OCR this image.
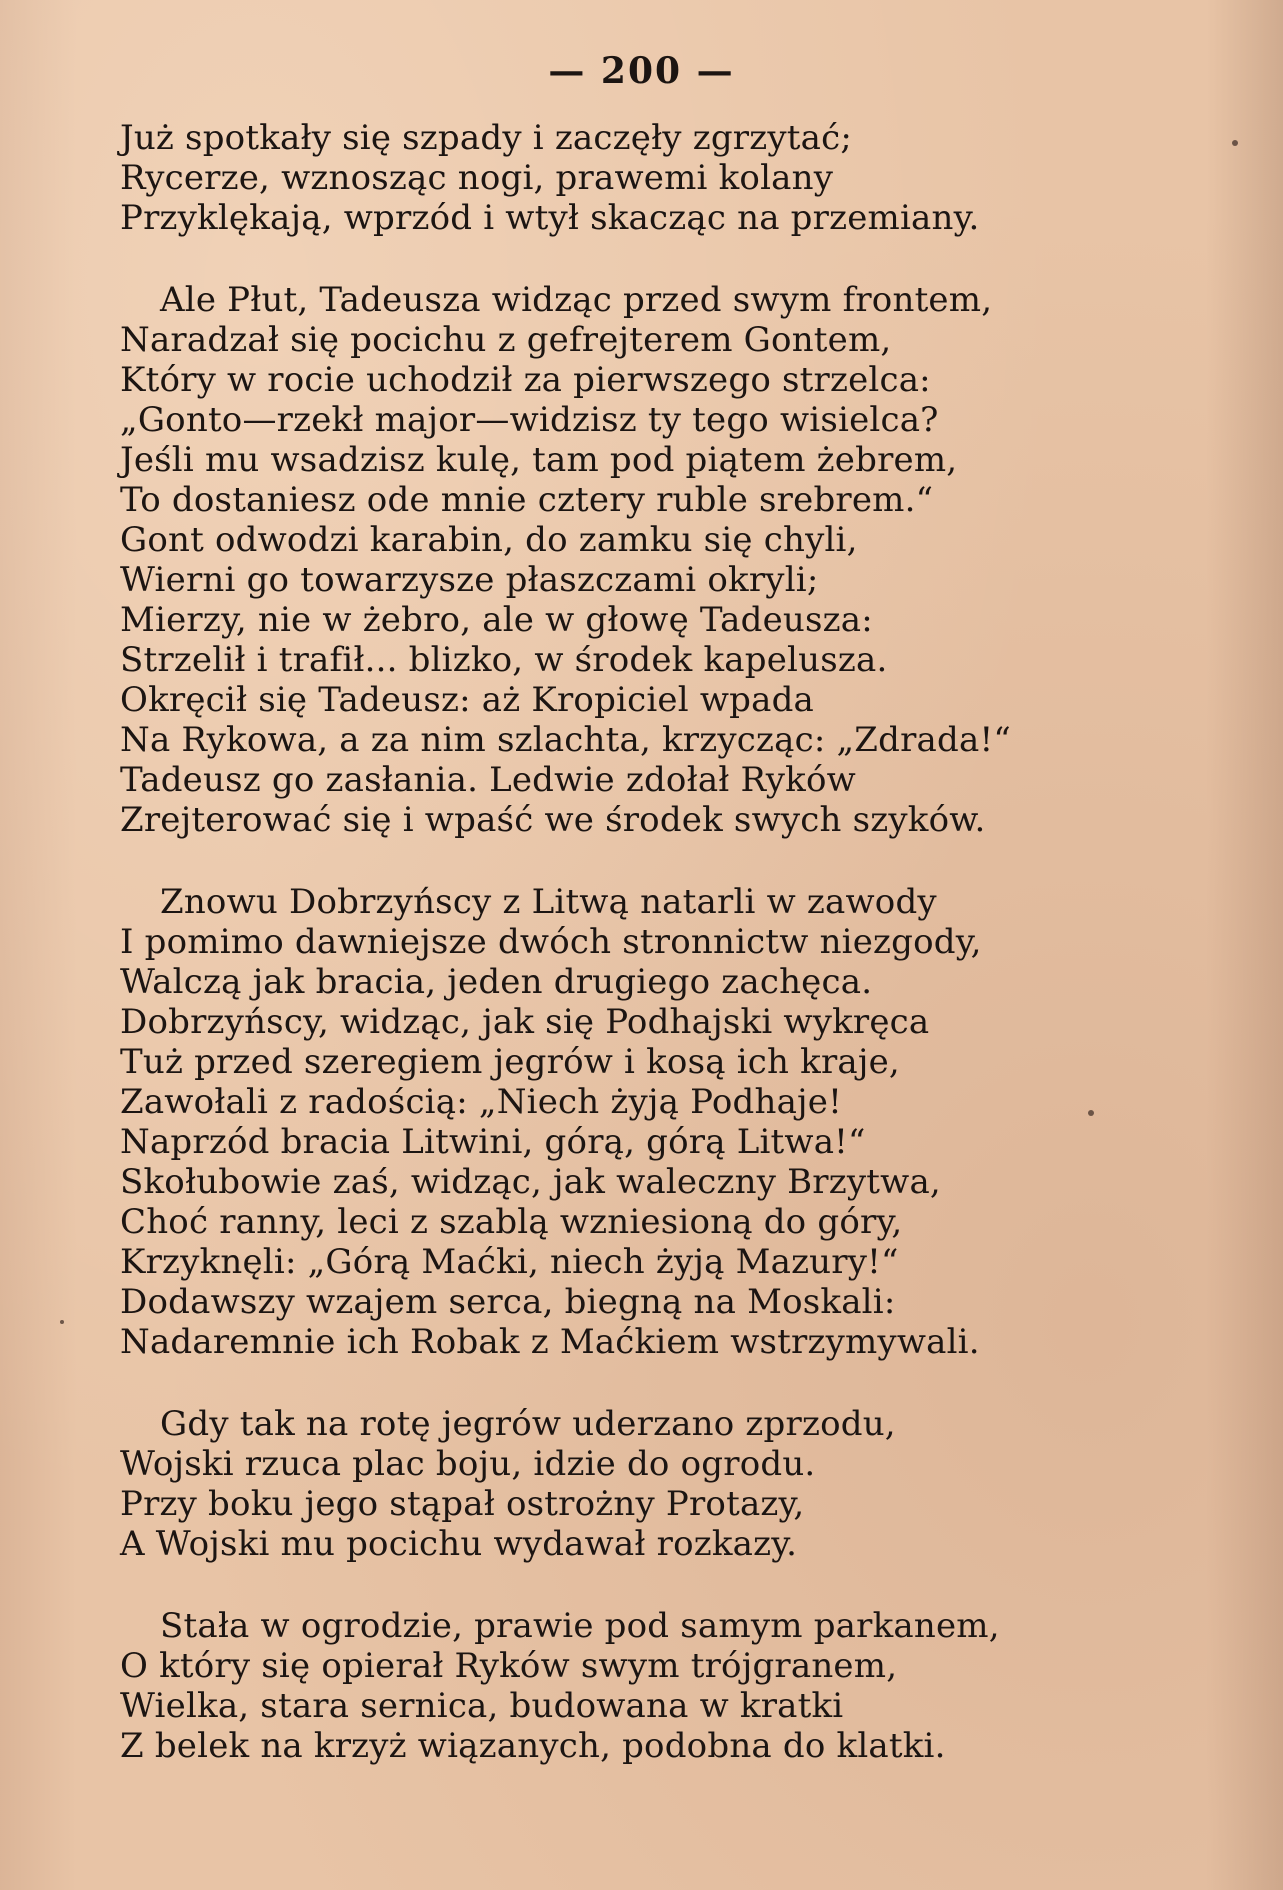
— 200 —
Już spotkały się szpady i zaczęły zgrzytać;
Rycerze, wznosząc nogi, prawemi kolany
Przyklękają, wprzód i wtył skacząc na przemiany.
Ale Płut, Tadeusza widząc przed swym frontem,
Naradzał się pocichu z gefrejterem Gontem,
Który w rocie uchodził za pierwszego strzelca:
„Gonto—rzekł major—widzisz ty tego wisielca?
Jeśli mu wsadzisz kulę, tam pod piątem żebrem,
To dostaniesz ode mnie cztery ruble srebrem.“
Gont odwodzi karabin, do zamku się chyli,
Wierni go towarzysze płaszczami okryli;
Mierzy, nie w żebro, ale w głowę Tadeusza:
Strzelił i trafił... blizko, w środek kapelusza.
Okręcił się Tadeusz: aż Kropiciel wpada
Na Rykowa, a za nim szlachta, krzycząc: „Zdrada!“
Tadeusz go zasłania. Ledwie zdołał Ryków
Zrejterować się i wpaść we środek swych szyków.
Znowu Dobrzyńscy z Litwą natarli w zawody
I pomimo dawniejsze dwóch stronnictw niezgody,
Walczą jak bracia, jeden drugiego zachęca.
Dobrzyńscy, widząc, jak się Podhajski wykręca
Tuż przed szeregiem jegrów i kosą ich kraje,
Zawołali z radością: „Niech żyją Podhaje!
Naprzód bracia Litwini, górą, górą Litwa!“
Skołubowie zaś, widząc, jak waleczny Brzytwa,
Choć ranny, leci z szablą wzniesioną do góry,
Krzyknęli: „Górą Maćki, niech żyją Mazury!“
Dodawszy wzajem serca, biegną na Moskali:
Nadaremnie ich Robak z Maćkiem wstrzymywali.
Gdy tak na rotę jegrów uderzano zprzodu,
Wojski rzuca plac boju, idzie do ogrodu.
Przy boku jego stąpał ostrożny Protazy,
A Wojski mu pocichu wydawał rozkazy.
Stała w ogrodzie, prawie pod samym parkanem,
O który się opierał Ryków swym trójgranem,
Wielka, stara sernica, budowana w kratki
Z belek na krzyż wiązanych, podobna do klatki.
